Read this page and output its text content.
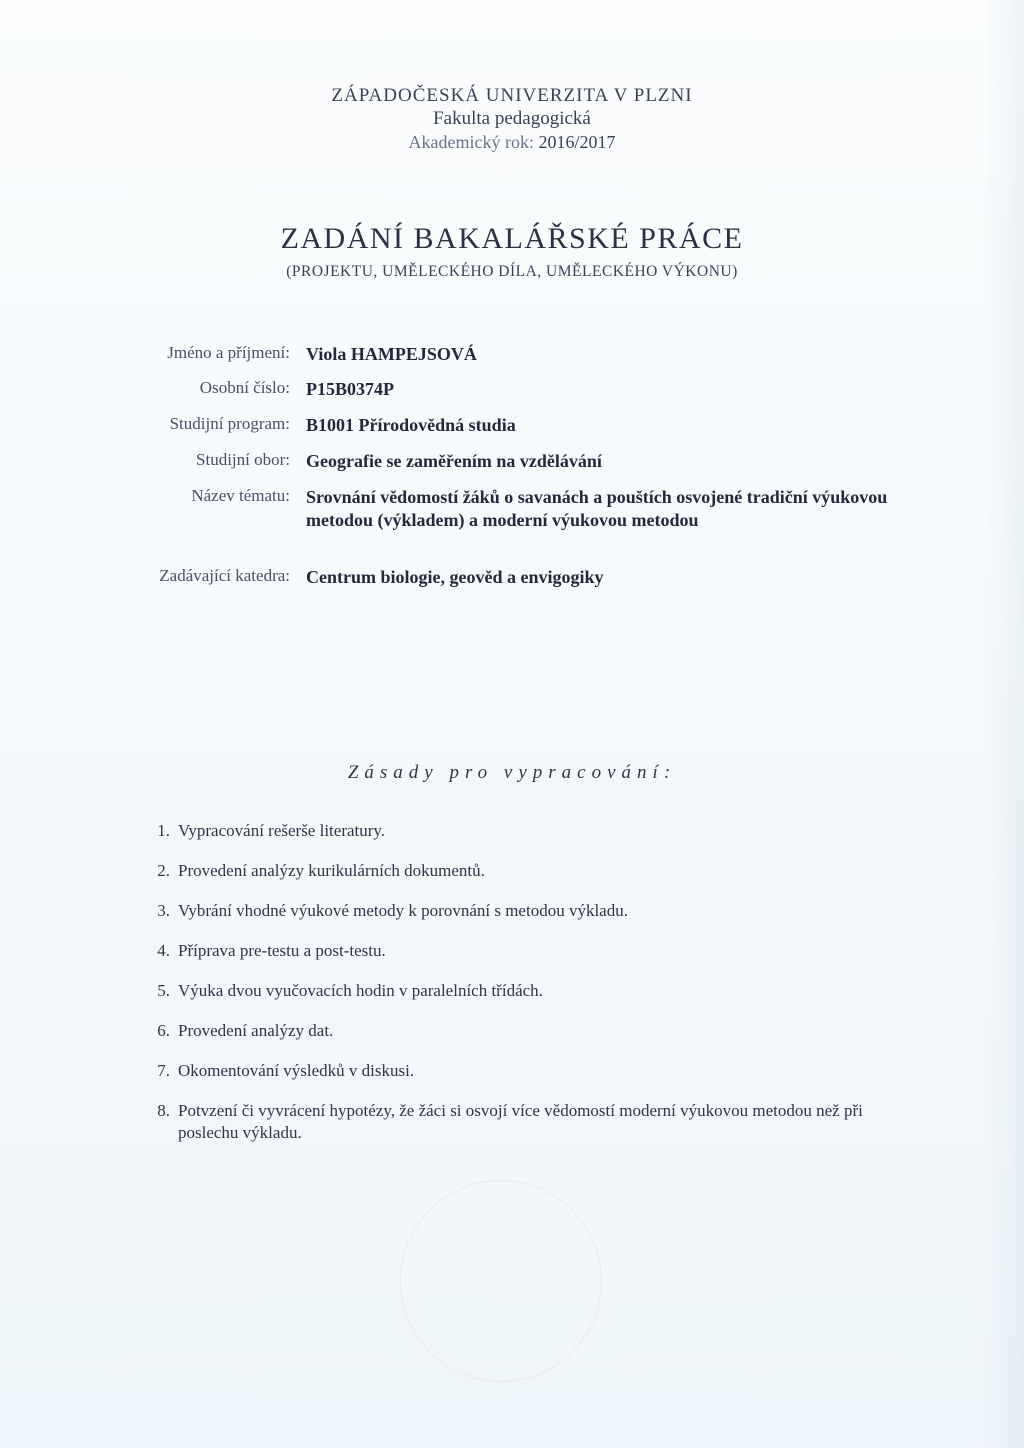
ZÁPADOČESKÁ UNIVERZITA V PLZNI
Fakulta pedagogická
Akademický rok: 2016/2017
ZADÁNÍ BAKALÁŘSKÉ PRÁCE
(PROJEKTU, UMĚLECKÉHO DÍLA, UMĚLECKÉHO VÝKONU)
Jméno a příjmení: Viola HAMPEJSOVÁ
Osobní číslo: P15B0374P
Studijní program: B1001 Přírodovědná studia
Studijní obor: Geografie se zaměřením na vzdělávání
Název tématu: Srovnání vědomostí žáků o savanách a pouštích osvojené tradiční výukovou metodou (výkladem) a moderní výukovou metodou
Zadávající katedra: Centrum biologie, geověd a envigogiky
Zásady pro vypracování:
1. Vypracování rešerše literatury.
2. Provedení analýzy kurikulárních dokumentů.
3. Vybrání vhodné výukové metody k porovnání s metodou výkladu.
4. Příprava pre-testu a post-testu.
5. Výuka dvou vyučovacích hodin v paralelních třídách.
6. Provedení analýzy dat.
7. Okomentování výsledků v diskusi.
8. Potvzení či vyvrácení hypotézy, že žáci si osvojí více vědomostí moderní výukovou metodou než při poslechu výkladu.
